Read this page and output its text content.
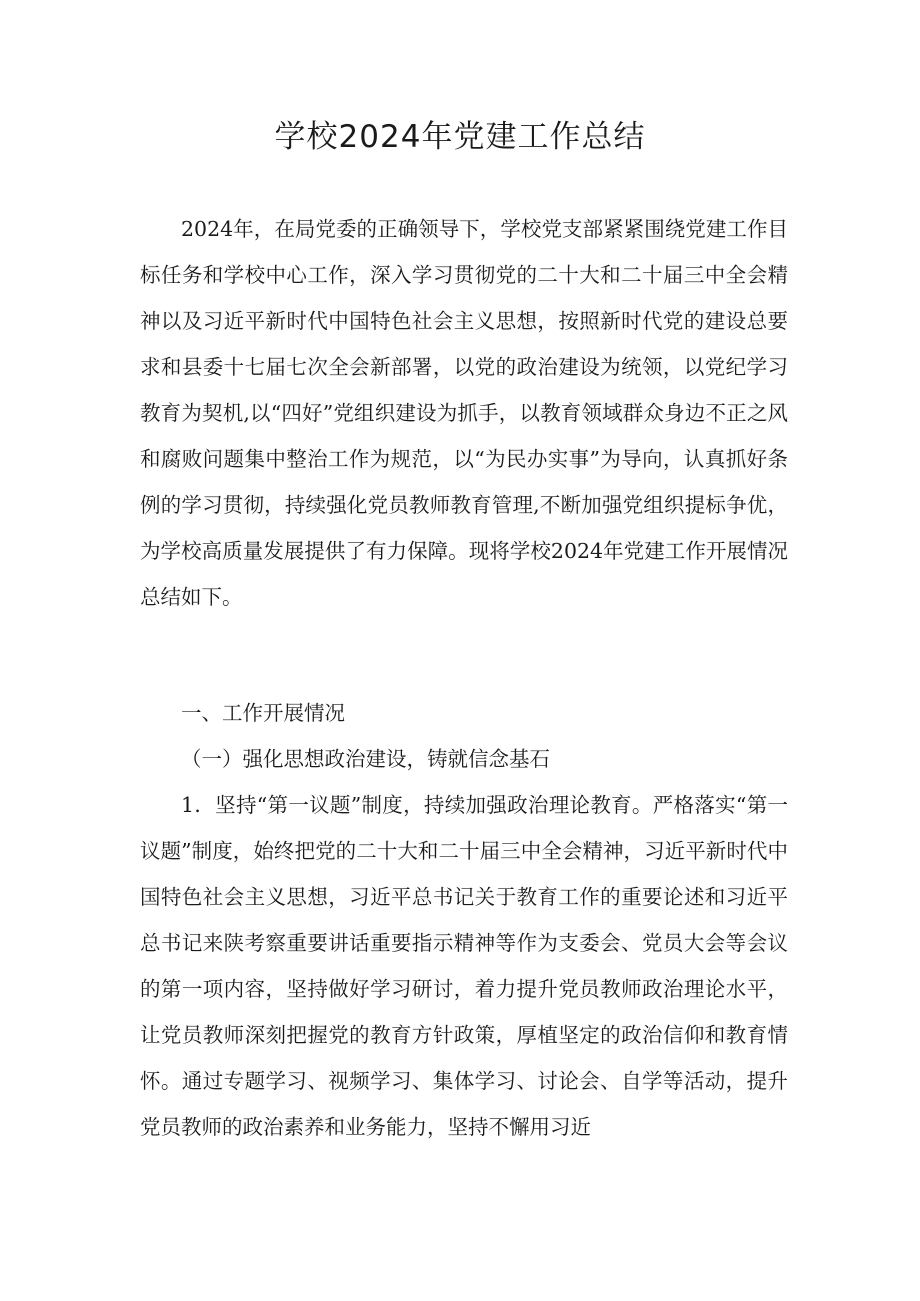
学校2024年党建工作总结

2024年，在局党委的正确领导下，学校党支部紧紧围绕党建工作目标任务和学校中心工作，深入学习贯彻党的二十大和二十届三中全会精神以及习近平新时代中国特色社会主义思想，按照新时代党的建设总要求和县委十七届七次全会新部署，以党的政治建设为统领，以党纪学习教育为契机,以“四好”党组织建设为抓手，以教育领域群众身边不正之风和腐败问题集中整治工作为规范，以“为民办实事”为导向，认真抓好条例的学习贯彻，持续强化党员教师教育管理,不断加强党组织提标争优，为学校高质量发展提供了有力保障。现将学校2024年党建工作开展情况总结如下。

一、工作开展情况
（一）强化思想政治建设，铸就信念基石

1．坚持“第一议题”制度，持续加强政治理论教育。严格落实“第一议题”制度，始终把党的二十大和二十届三中全会精神，习近平新时代中国特色社会主义思想，习近平总书记关于教育工作的重要论述和习近平总书记来陕考察重要讲话重要指示精神等作为支委会、党员大会等会议的第一项内容，坚持做好学习研讨，着力提升党员教师政治理论水平，让党员教师深刻把握党的教育方针政策，厚植坚定的政治信仰和教育情怀。通过专题学习、视频学习、集体学习、讨论会、自学等活动，提升党员教师的政治素养和业务能力，坚持不懈用习近
